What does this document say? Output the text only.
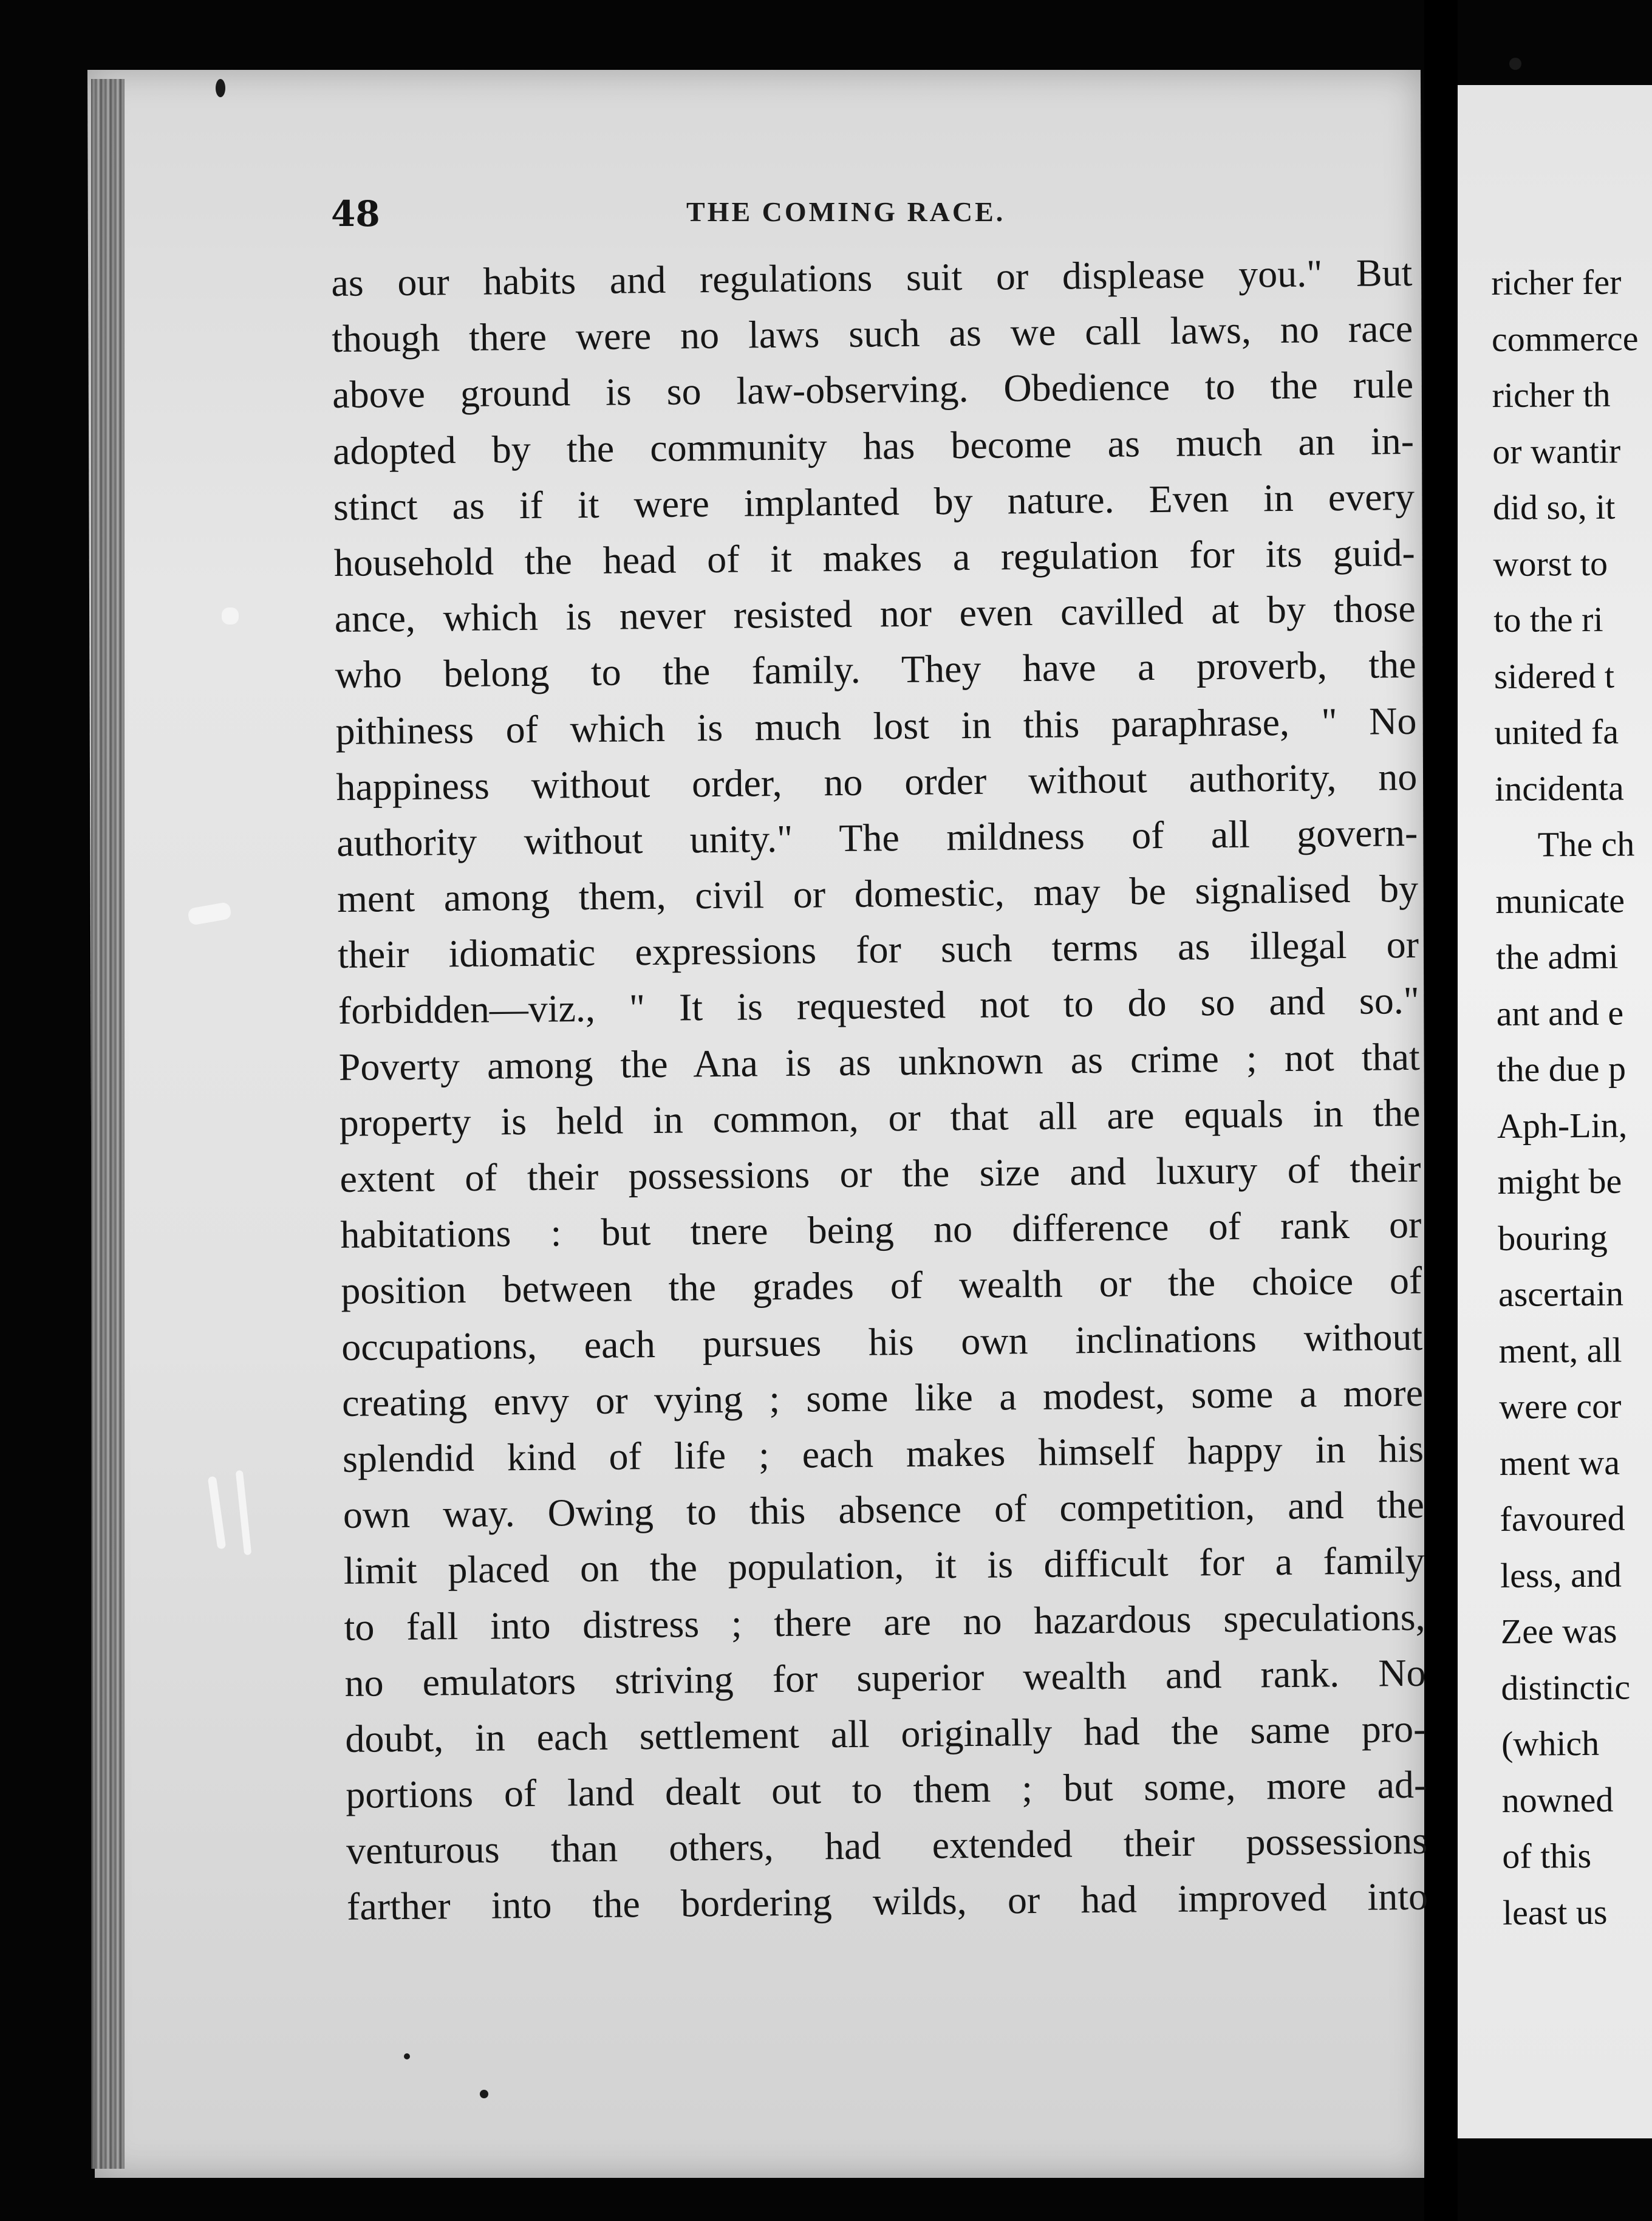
48	THE COMING RACE.
as our habits and regulations suit or displease you." But
though there were no laws such as we call laws, no race
above ground is so law-observing. Obedience to the rule
adopted by the community has become as much an in-
stinct as if it were implanted by nature. Even in every
household the head of it makes a regulation for its guid-
ance, which is never resisted nor even cavilled at by those
who belong to the family. They have a proverb, the
pithiness of which is much lost in this paraphrase, " No
happiness without order, no order without authority, no
authority without unity." The mildness of all govern-
ment among them, civil or domestic, may be signalised by
their idiomatic expressions for such terms as illegal or
forbidden—viz., " It is requested not to do so and so."
Poverty among the Ana is as unknown as crime ; not that
property is held in common, or that all are equals in the
extent of their possessions or the size and luxury of their
habitations : but tnere being no difference of rank or
position between the grades of wealth or the choice of
occupations, each pursues his own inclinations without
creating envy or vying ; some like a modest, some a more
splendid kind of life ; each makes himself happy in his
own way. Owing to this absence of competition, and the
limit placed on the population, it is difficult for a family
to fall into distress ; there are no hazardous speculations,
no emulators striving for superior wealth and rank. No
doubt, in each settlement all originally had the same pro-
portions of land dealt out to them ; but some, more ad-
venturous than others, had extended their possessions
farther into the bordering wilds, or had improved into
richer fer
commerce
richer th
or wantir
did so, it
worst to
to the ri
sidered t
united fa
incidenta
The ch
municate
the admi
ant and e
the due p
Aph-Lin,
might be
bouring
ascertain
ment, all
were cor
ment wa
favoured
less, and
Zee was
distinctic
(which
nowned
of this
least us
